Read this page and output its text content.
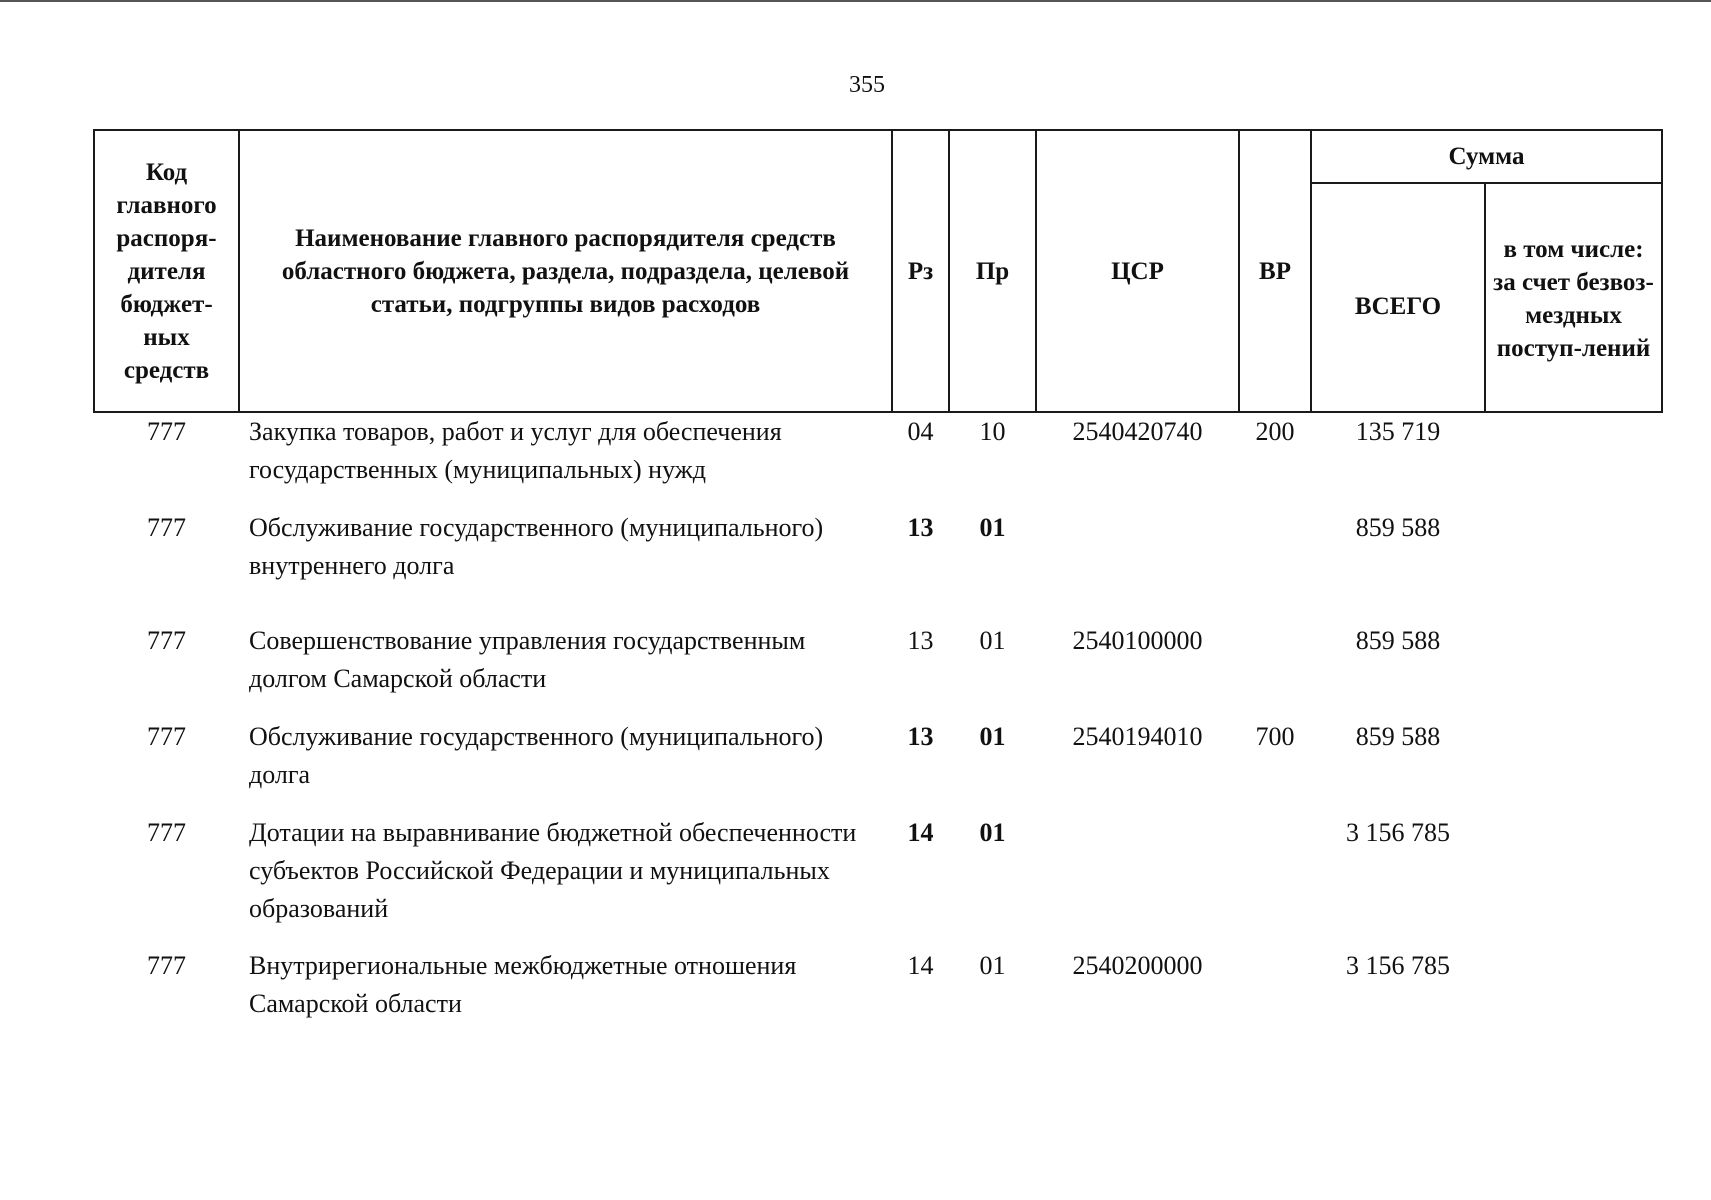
355
Код главного распоря-дителя бюджет-ных средств	Наименование главного распорядителя средств областного бюджета, раздела, подраздела, целевой статьи, подгруппы видов расходов	Рз	Пр	ЦСР	ВР	Сумма	
						ВСЕГО	в том числе: за счет безвоз-мездных поступ-лений
777	Закупка товаров, работ и услуг для обеспечения государственных (муниципальных) нужд	04	10	2540420740	200	135 719	
777	Обслуживание государственного (муниципального) внутреннего долга	13	01			859 588	
777	Совершенствование управления государственным долгом Самарской области	13	01	2540100000		859 588	
777	Обслуживание государственного (муниципального) долга	13	01	2540194010	700	859 588	
777	Дотации на выравнивание бюджетной обеспеченности субъектов Российской Федерации и муниципальных образований	14	01			3 156 785	
777	Внутрирегиональные межбюджетные отношения Самарской области	14	01	2540200000		3 156 785	
